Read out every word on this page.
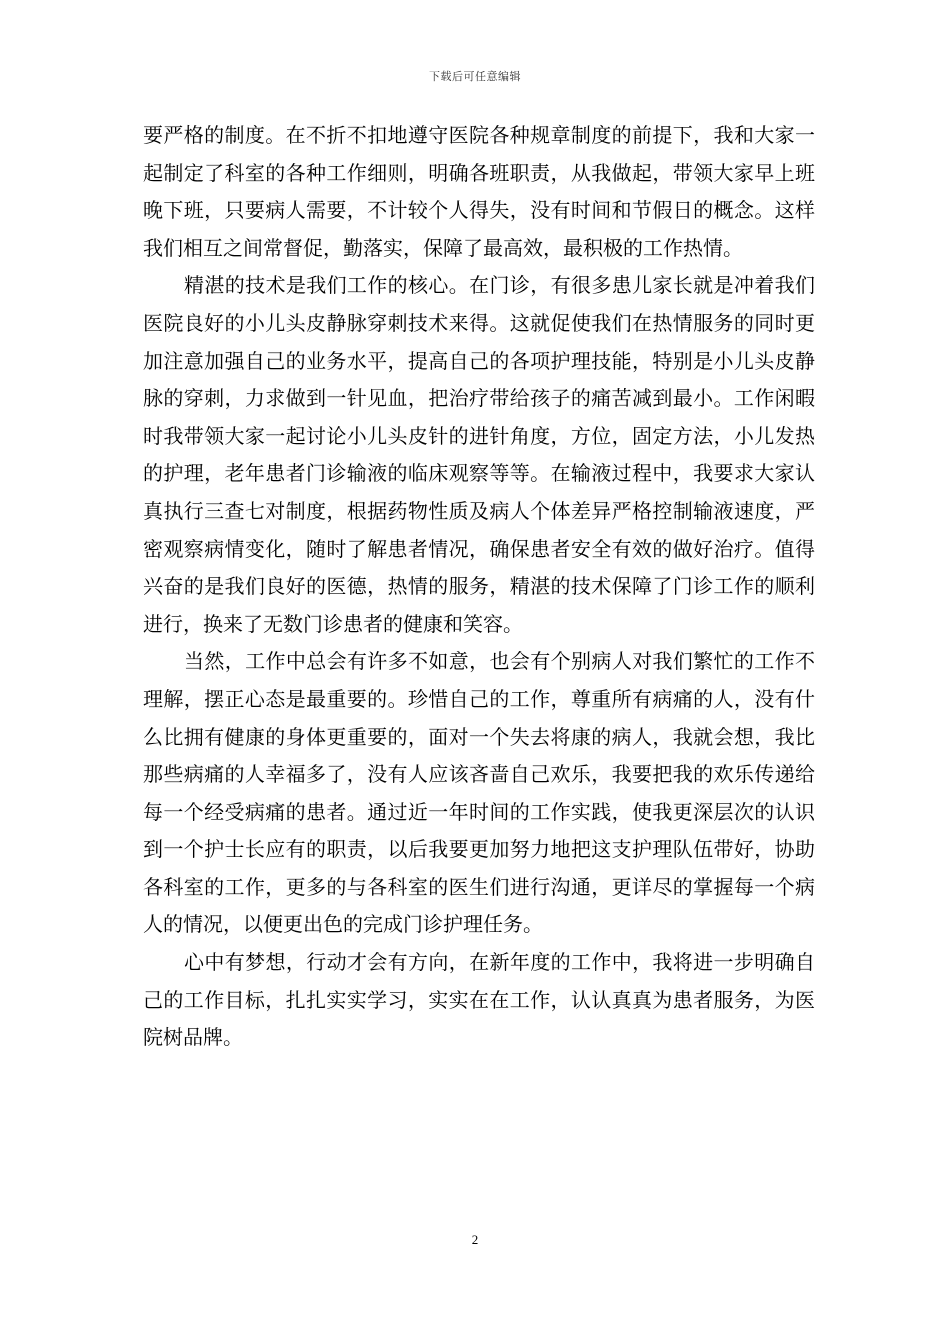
下载后可任意编辑

要严格的制度。在不折不扣地遵守医院各种规章制度的前提下，我和大家一起制定了科室的各种工作细则，明确各班职责，从我做起，带领大家早上班晚下班，只要病人需要，不计较个人得失，没有时间和节假日的概念。这样我们相互之间常督促，勤落实，保障了最高效，最积极的工作热情。

精湛的技术是我们工作的核心。在门诊，有很多患儿家长就是冲着我们医院良好的小儿头皮静脉穿刺技术来得。这就促使我们在热情服务的同时更加注意加强自己的业务水平，提高自己的各项护理技能，特别是小儿头皮静脉的穿刺，力求做到一针见血，把治疗带给孩子的痛苦减到最小。工作闲暇时我带领大家一起讨论小儿头皮针的进针角度，方位，固定方法，小儿发热的护理，老年患者门诊输液的临床观察等等。在输液过程中，我要求大家认真执行三查七对制度，根据药物性质及病人个体差异严格控制输液速度，严密观察病情变化，随时了解患者情况，确保患者安全有效的做好治疗。值得兴奋的是我们良好的医德，热情的服务，精湛的技术保障了门诊工作的顺利进行，换来了无数门诊患者的健康和笑容。

当然，工作中总会有许多不如意，也会有个别病人对我们繁忙的工作不理解，摆正心态是最重要的。珍惜自己的工作，尊重所有病痛的人，没有什么比拥有健康的身体更重要的，面对一个失去将康的病人，我就会想，我比那些病痛的人幸福多了，没有人应该吝啬自己欢乐，我要把我的欢乐传递给每一个经受病痛的患者。通过近一年时间的工作实践，使我更深层次的认识到一个护士长应有的职责，以后我要更加努力地把这支护理队伍带好，协助各科室的工作，更多的与各科室的医生们进行沟通，更详尽的掌握每一个病人的情况，以便更出色的完成门诊护理任务。

心中有梦想，行动才会有方向，在新年度的工作中，我将进一步明确自己的工作目标，扎扎实实学习，实实在在工作，认认真真为患者服务，为医院树品牌。

2
